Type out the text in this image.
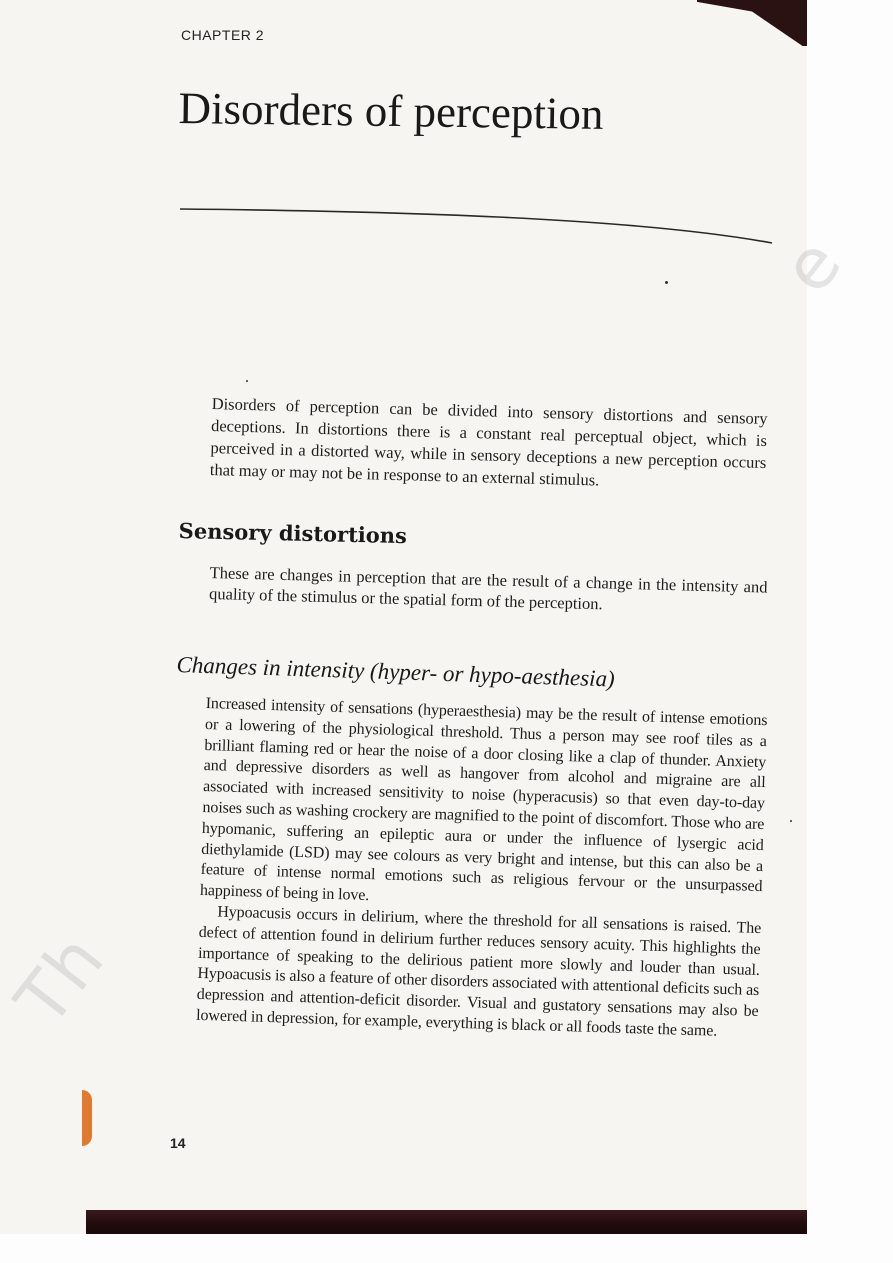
Th
e
CHAPTER 2
Disorders of perception

Disorders of perception can be divided into sensory distortions and sensory deceptions. In distortions there is a constant real perceptual object, which is perceived in a distorted way, while in sensory deceptions a new perception occurs that may or may not be in response to an external stimulus.

Sensory distortions

These are changes in perception that are the result of a change in the intensity and quality of the stimulus or the spatial form of the perception.

Changes in intensity (hyper- or hypo-aesthesia)

Increased intensity of sensations (hyperaesthesia) may be the result of intense emotions or a lowering of the physiological threshold. Thus a person may see roof tiles as a brilliant flaming red or hear the noise of a door closing like a clap of thunder. Anxiety and depressive disorders as well as hangover from alcohol and migraine are all associated with increased sensitivity to noise (hyperacusis) so that even day-to-day noises such as washing crockery are magnified to the point of discomfort. Those who are hypomanic, suffering an epileptic aura or under the influence of lysergic acid diethylamide (LSD) may see colours as very bright and intense, but this can also be a feature of intense normal emotions such as religious fervour or the unsurpassed happiness of being in love.

Hypoacusis occurs in delirium, where the threshold for all sensations is raised. The defect of attention found in delirium further reduces sensory acuity. This highlights the importance of speaking to the delirious patient more slowly and louder than usual. Hypoacusis is also a feature of other disorders associated with attentional deficits such as depression and attention-deficit disorder. Visual and gustatory sensations may also be lowered in depression, for example, everything is black or all foods taste the same.

14
